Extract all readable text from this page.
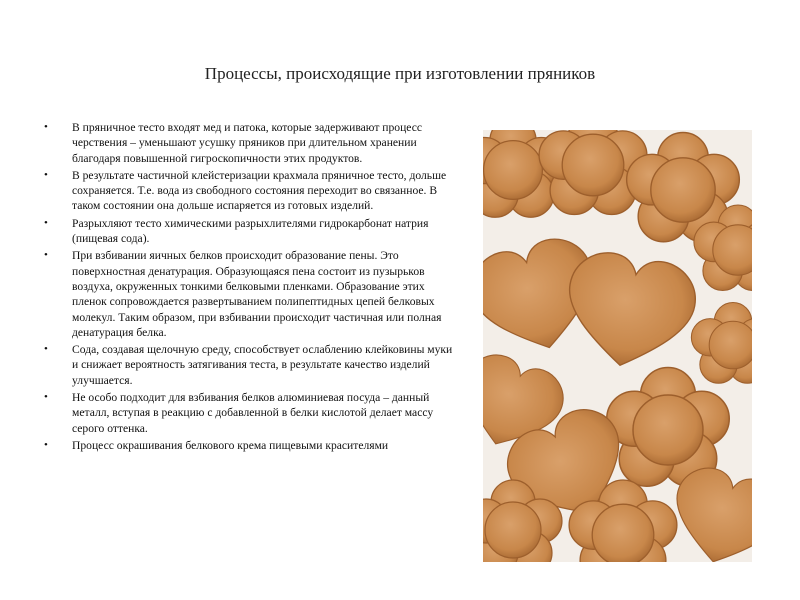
Процессы, происходящие при изготовлении пряников
• В пряничное тесто входят мед и патока, которые задерживают процесс черствения – уменьшают усушку пряников при длительном хранении благодаря повышенной гигроскопичности этих продуктов.
• В результате частичной клейстеризации крахмала пряничное тесто, дольше сохраняется. Т.е. вода из свободного состояния переходит во связанное. В таком состоянии она дольше испаряется из готовых изделий.
• Разрыхляют тесто химическими разрыхлителями гидрокарбонат натрия (пищевая сода).
• При взбивании яичных белков происходит образование пены. Это поверхностная денатурация. Образующаяся пена состоит из пузырьков воздуха, окруженных тонкими белковыми пленками. Образование этих пленок сопровождается развертыванием полипептидных цепей белковых молекул. Таким образом, при взбивании происходит частичная или полная денатурация белка.
• Сода, создавая щелочную среду, способствует ослаблению клейковины муки и снижает вероятность затягивания теста, в результате качество изделий улучшается.
• Не особо подходит для взбивания белков алюминиевая посуда – данный металл, вступая в реакцию с добавленной в белки кислотой делает массу серого оттенка.
• Процесс окрашивания белкового крема пищевыми красителями
